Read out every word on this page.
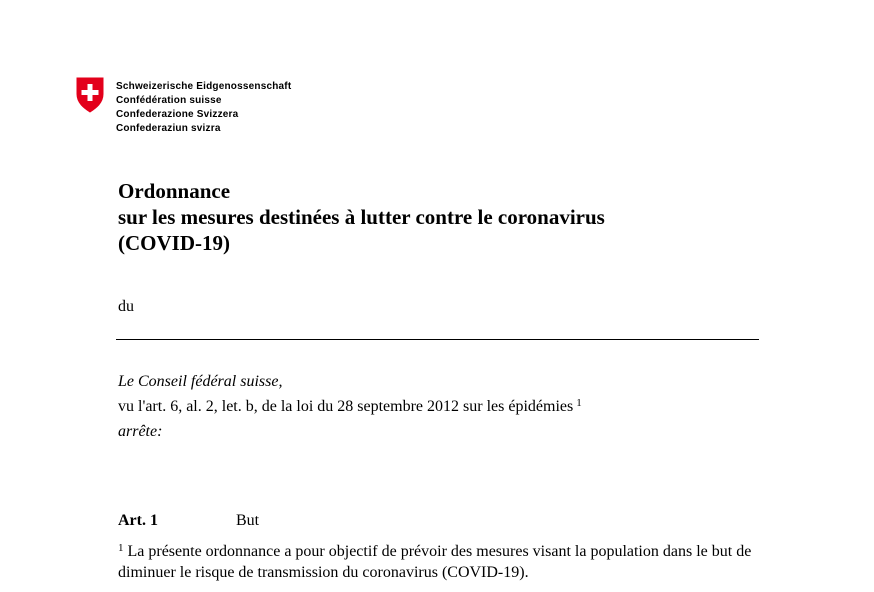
Schweizerische Eidgenossenschaft
Confédération suisse
Confederazione Svizzera
Confederaziun svizra
Ordonnance
sur les mesures destinées à lutter contre le coronavirus
(COVID-19)
du
Le Conseil fédéral suisse,
vu l'art. 6, al. 2, let. b, de la loi du 28 septembre 2012 sur les épidémies $^1$
arrête:
Art. 1	But
$^1$ La présente ordonnance a pour objectif de prévoir des mesures visant la population dans le but de diminuer le risque de transmission du coronavirus (COVID-19).
